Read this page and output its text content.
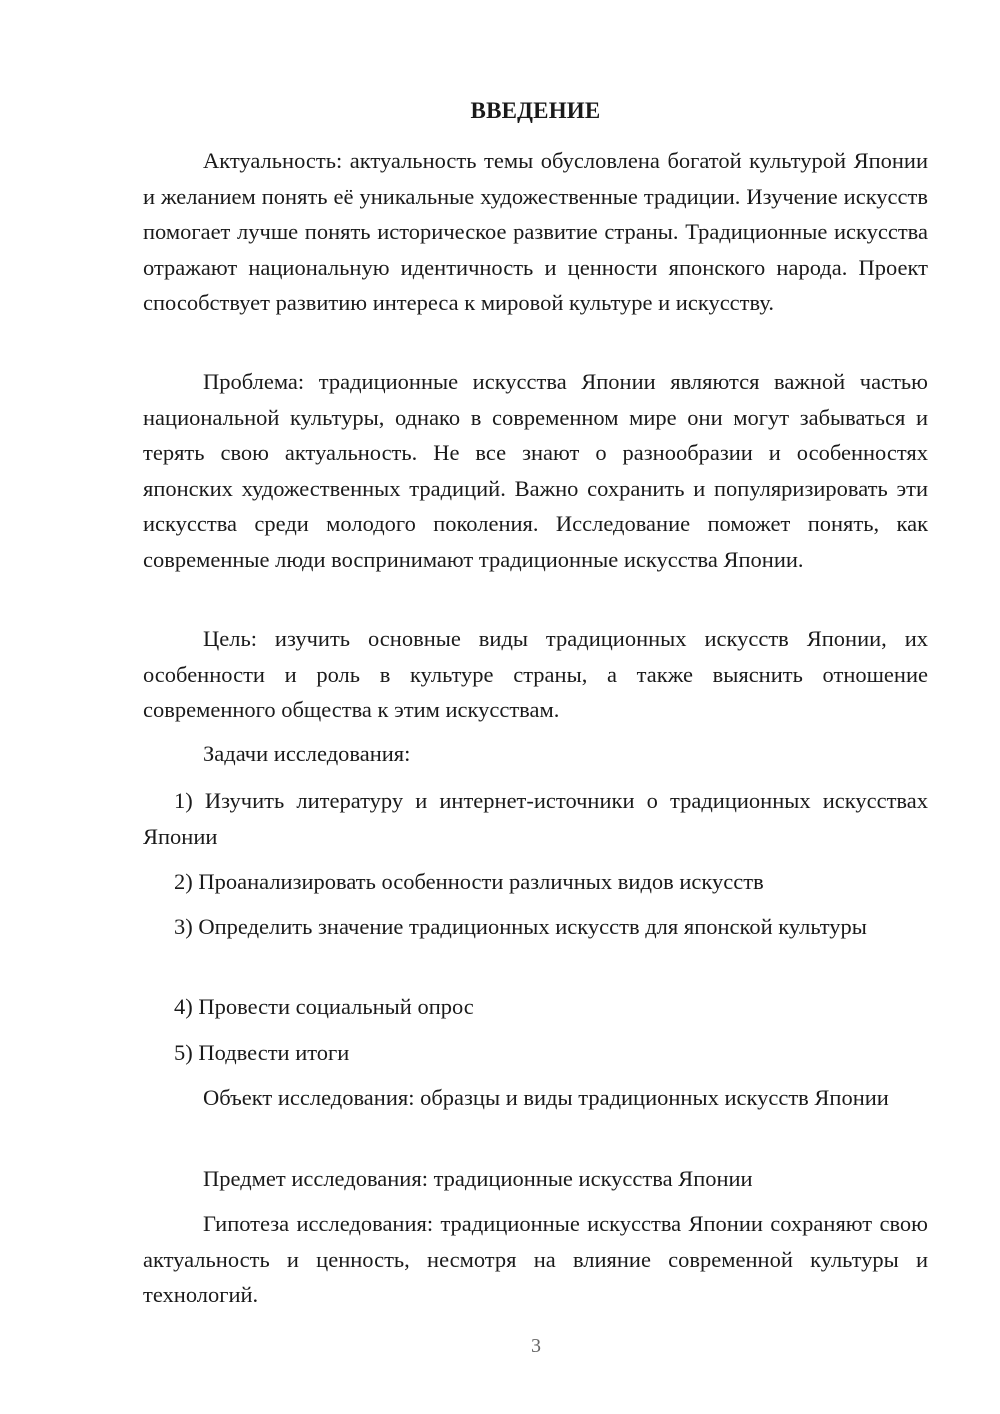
ВВЕДЕНИЕ

Актуальность: актуальность темы обусловлена богатой культурой Японии и желанием понять её уникальные художественные традиции. Изучение искусств помогает лучше понять историческое развитие страны. Традиционные искусства отражают национальную идентичность и ценности японского народа. Проект способствует развитию интереса к мировой культуре и искусству.

Проблема: традиционные искусства Японии являются важной частью национальной культуры, однако в современном мире они могут забываться и терять свою актуальность. Не все знают о разнообразии и особенностях японских художественных традиций. Важно сохранить и популяризировать эти искусства среди молодого поколения. Исследование поможет понять, как современные люди воспринимают традиционные искусства Японии.

Цель: изучить основные виды традиционных искусств Японии, их особенности и роль в культуре страны, а также выяснить отношение современного общества к этим искусствам.

Задачи исследования:

1) Изучить литературу и интернет-источники о традиционных искусствах Японии

2) Проанализировать особенности различных видов искусств

3) Определить значение традиционных искусств для японской культуры

4) Провести социальный опрос

5) Подвести итоги

Объект исследования: образцы и виды традиционных искусств Японии

Предмет исследования: традиционные искусства Японии

Гипотеза исследования: традиционные искусства Японии сохраняют свою актуальность и ценность, несмотря на влияние современной культуры и технологий.

3
